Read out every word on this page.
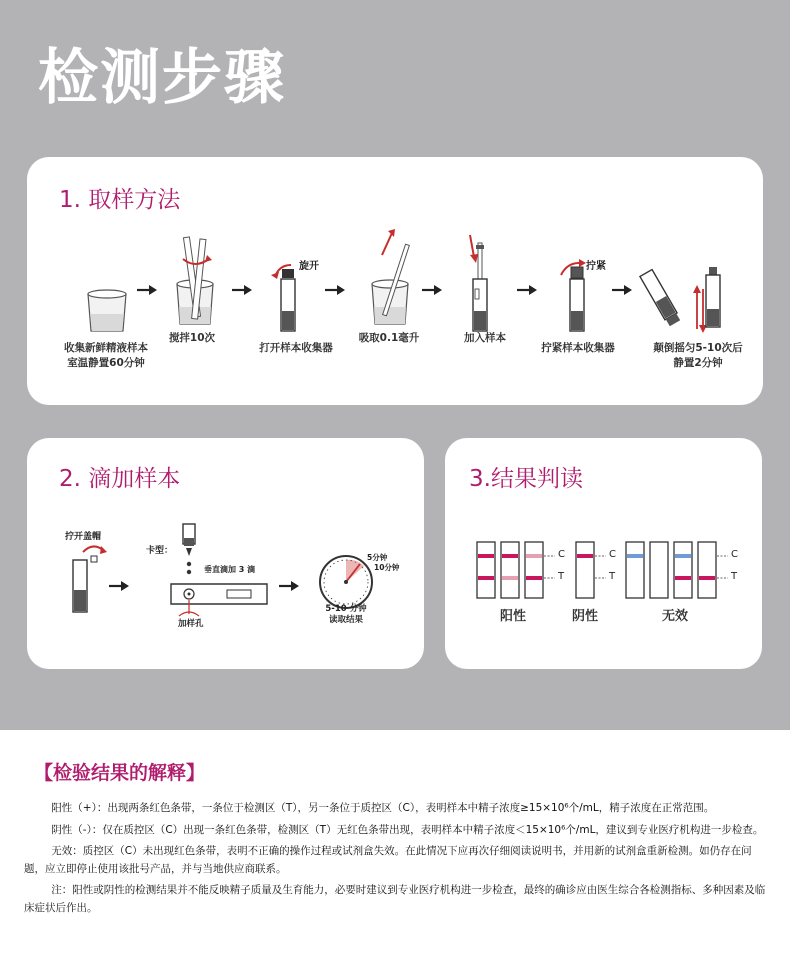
检测步骤
1. 取样方法
收集新鲜精液样本
室温静置60分钟
搅拌10次
旋开
打开样本收集器
吸取0.1毫升	加入样本
拧紧
拧紧样本收集器	颠倒摇匀5-10次后
静置2分钟
2. 滴加样本
拧开盖帽
卡型：
垂直滴加 3 滴
加样孔
5分钟
10分钟
5-10 分钟
读取结果
3.结果判读
C
T
C
T
C
T
阳性	阴性	无效
【检验结果的解释】

阳性（+）：出现两条红色条带，一条位于检测区（T），另一条位于质控区（C），表明样本中精子浓度≥15×10⁶个/mL，精子浓度在正常范围。

阴性（-）：仅在质控区（C）出现一条红色条带，检测区（T）无红色条带出现，表明样本中精子浓度＜15×10⁶个/mL，建议到专业医疗机构进一步检查。

无效：质控区（C）未出现红色条带，表明不正确的操作过程或试剂盒失效。在此情况下应再次仔细阅读说明书，并用新的试剂盒重新检测。如仍存在问题，应立即停止使用该批号产品，并与当地供应商联系。

注：阳性或阴性的检测结果并不能反映精子质量及生育能力，必要时建议到专业医疗机构进一步检查，最终的确诊应由医生综合各检测指标、多种因素及临床症状后作出。
